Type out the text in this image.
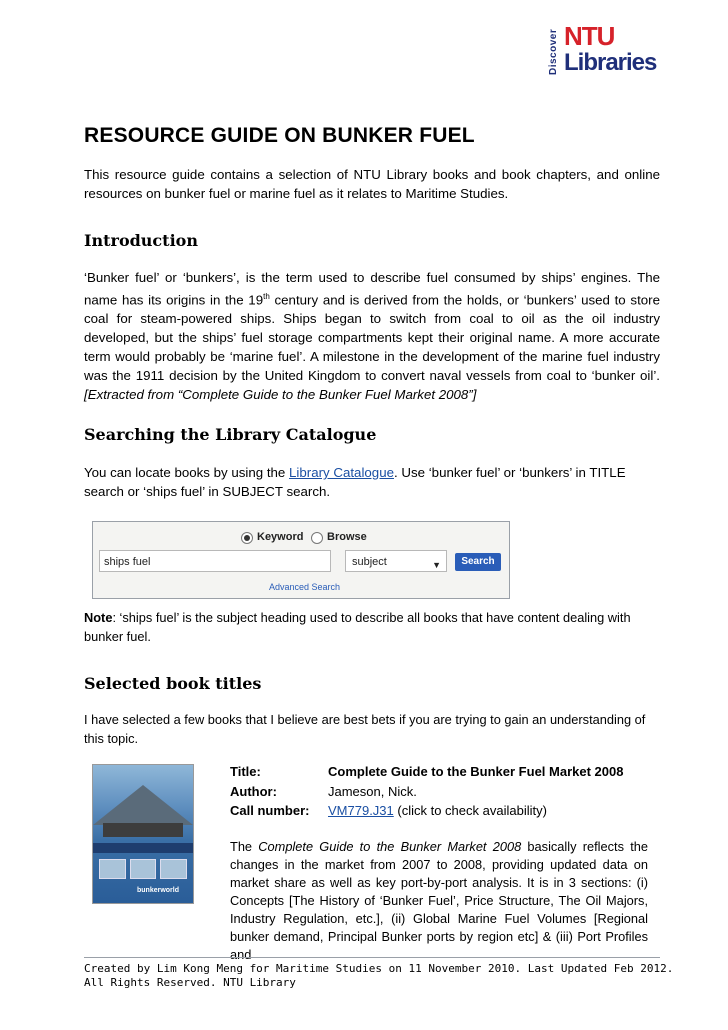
Discover NTU
Libraries
RESOURCE GUIDE ON BUNKER FUEL

This resource guide contains a selection of NTU Library books and book chapters, and online resources on bunker fuel or marine fuel as it relates to Maritime Studies.

Introduction

‘Bunker fuel’ or ‘bunkers’, is the term used to describe fuel consumed by ships’ engines. The name has its origins in the 19th century and is derived from the holds, or ‘bunkers’ used to store coal for steam-powered ships. Ships began to switch from coal to oil as the oil industry developed, but the ships’ fuel storage compartments kept their original name. A more accurate term would probably be ‘marine fuel’. A milestone in the development of the marine fuel industry was the 1911 decision by the United Kingdom to convert naval vessels from coal to ‘bunker oil’. [Extracted from “Complete Guide to the Bunker Fuel Market 2008”]

Searching the Library Catalogue

You can locate books by using the Library Catalogue. Use ‘bunker fuel’ or ‘bunkers’ in TITLE search or ‘ships fuel’ in SUBJECT search.

Keyword Browse
ships fuel	subject	▼	Search
Advanced Search

Note: ‘ships fuel’ is the subject heading used to describe all books that have content dealing with bunker fuel.

Selected book titles

I have selected a few books that I believe are best bets if you are trying to gain an understanding of this topic.

bunkerworld
Title:	Complete Guide to the Bunker Fuel Market 2008
Author:	Jameson, Nick.
Call number: VM779.J31 (click to check availability)

The Complete Guide to the Bunker Market 2008 basically reflects the changes in the market from 2007 to 2008, providing updated data on market share as well as key port-by-port analysis. It is in 3 sections: (i) Concepts [The History of ‘Bunker Fuel’, Price Structure, The Oil Majors, Industry Regulation, etc.], (ii) Global Marine Fuel Volumes [Regional bunker demand, Principal Bunker ports by region etc] & (iii) Port Profiles and

Created by Lim Kong Meng for Maritime Studies on 11 November 2010. Last Updated Feb 2012.
All Rights Reserved. NTU Library
